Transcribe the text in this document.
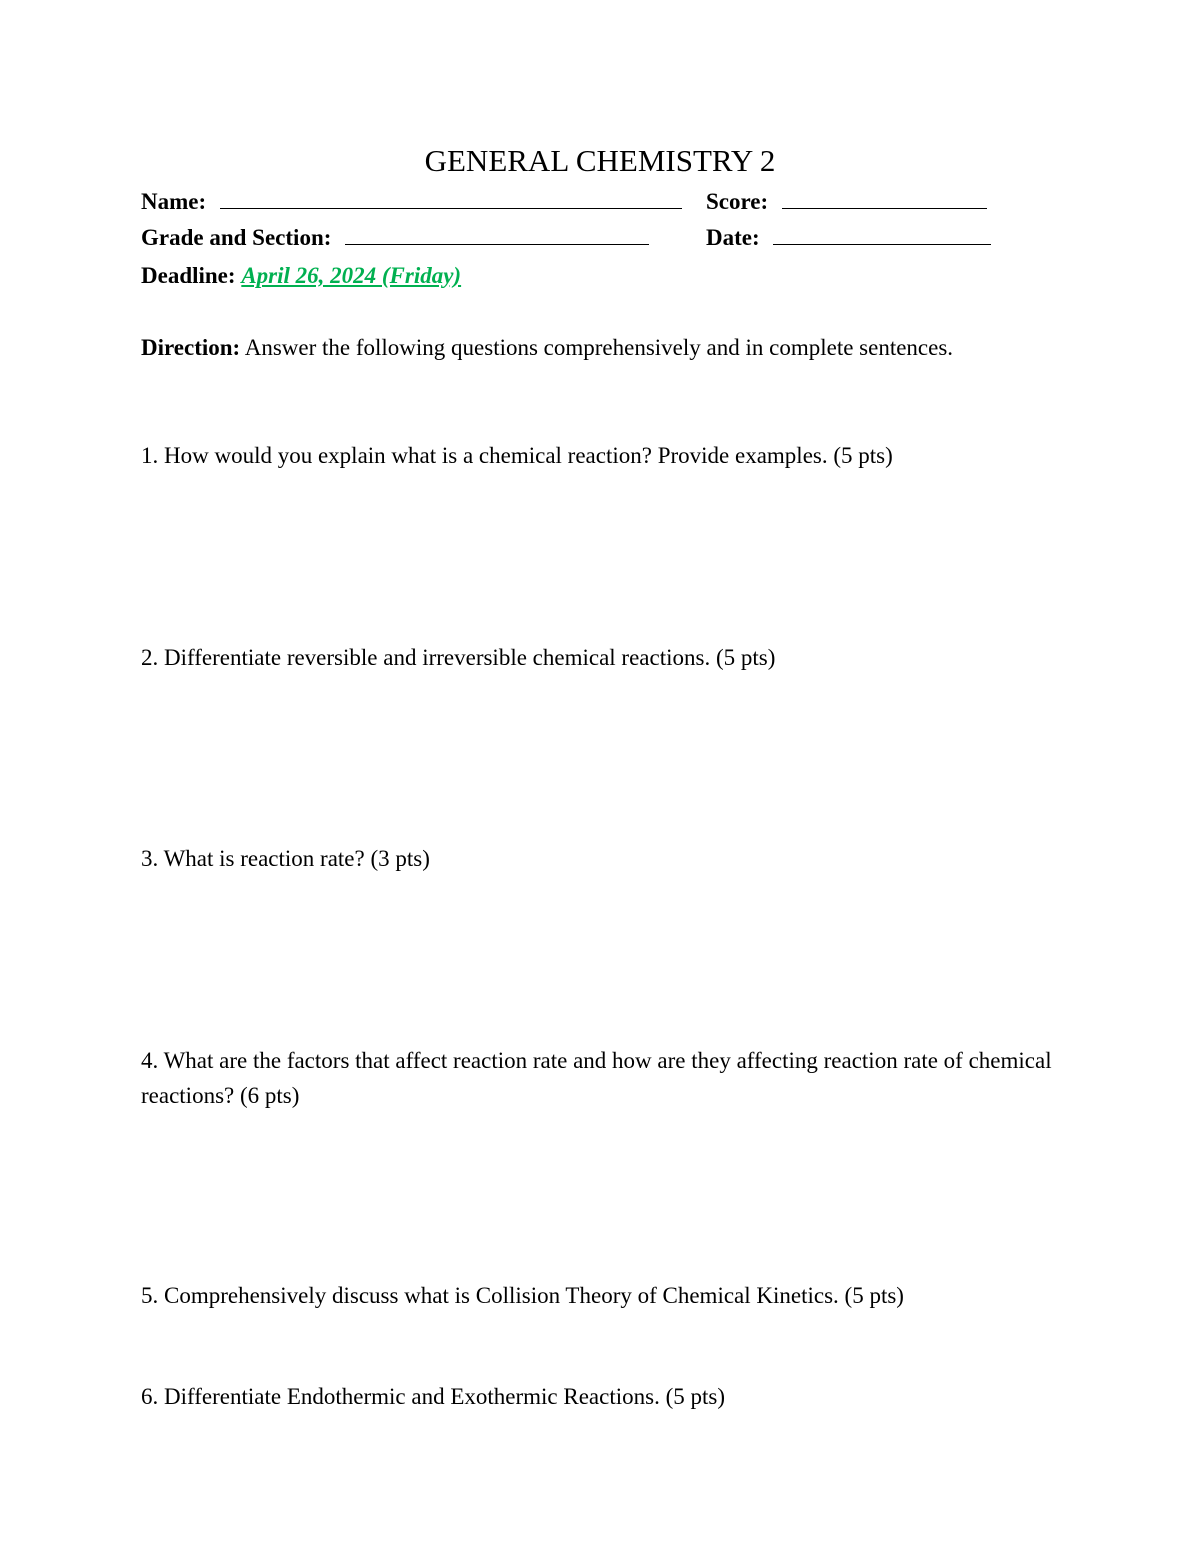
GENERAL CHEMISTRY 2
Name:	Score:
Grade and Section:	Date:
Deadline: April 26, 2024 (Friday)
Direction: Answer the following questions comprehensively and in complete sentences.
1. How would you explain what is a chemical reaction? Provide examples. (5 pts)
2. Differentiate reversible and irreversible chemical reactions. (5 pts)
3. What is reaction rate? (3 pts)
4. What are the factors that affect reaction rate and how are they affecting reaction rate of chemical reactions? (6 pts)
5. Comprehensively discuss what is Collision Theory of Chemical Kinetics. (5 pts)
6. Differentiate Endothermic and Exothermic Reactions. (5 pts)
